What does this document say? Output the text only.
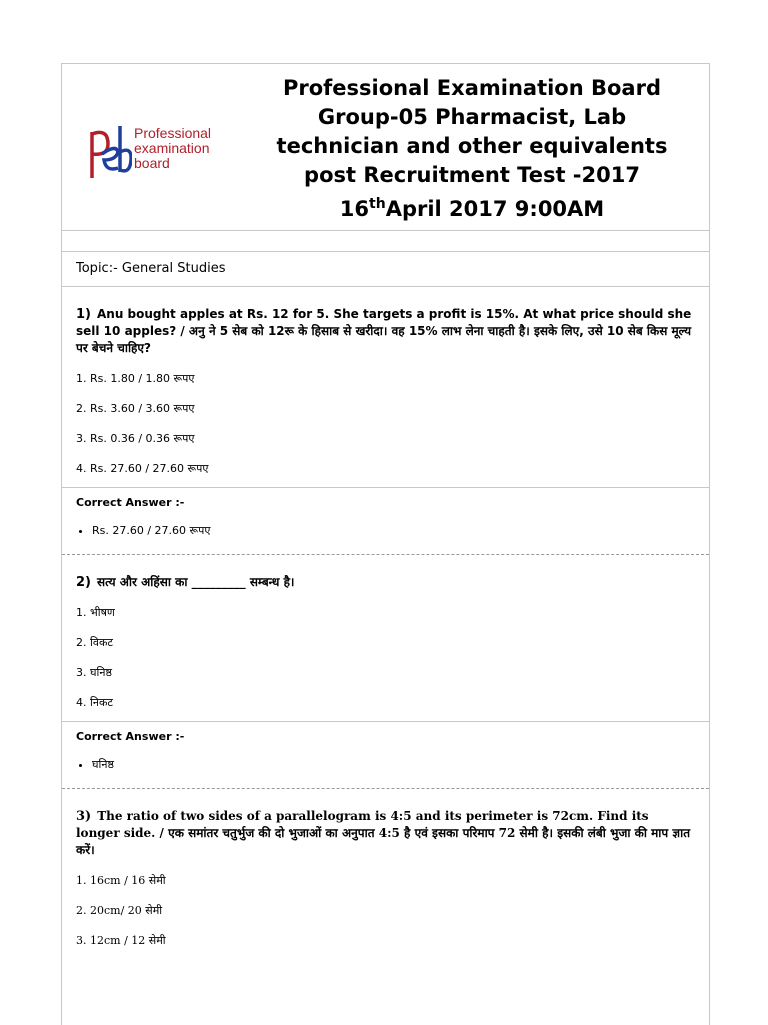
Professional
examination
board
Professional Examination Board
Group-05 Pharmacist, Lab
technician and other equivalents
post Recruitment Test -2017
16thApril 2017 9:00AM
Topic:- General Studies
1) Anu bought apples at Rs. 12 for 5. She targets a profit is 15%. At what price should she sell 10 apples? / अनु ने 5 सेब को 12रू के हिसाब से खरीदा। वह 15% लाभ लेना चाहती है। इसके लिए, उसे 10 सेब किस मूल्य पर बेचने चाहिए?
1. Rs. 1.80 / 1.80 रूपए
2. Rs. 3.60 / 3.60 रूपए
3. Rs. 0.36 / 0.36 रूपए
4. Rs. 27.60 / 27.60 रूपए
Correct Answer :-
• Rs. 27.60 / 27.60 रूपए
2) सत्य और अहिंसा का _________ सम्बन्ध है।
1. भीषण
2. विकट
3. घनिष्ठ
4. निकट
Correct Answer :-
• घनिष्ठ
3) The ratio of two sides of a parallelogram is 4:5 and its perimeter is 72cm. Find its longer side. / एक समांतर चतुर्भुज की दो भुजाओं का अनुपात 4:5 है एवं इसका परिमाप 72 सेमी है। इसकी लंबी भुजा की माप ज्ञात करें।
1. 16cm / 16 सेमी
2. 20cm/ 20 सेमी
3. 12cm / 12 सेमी
